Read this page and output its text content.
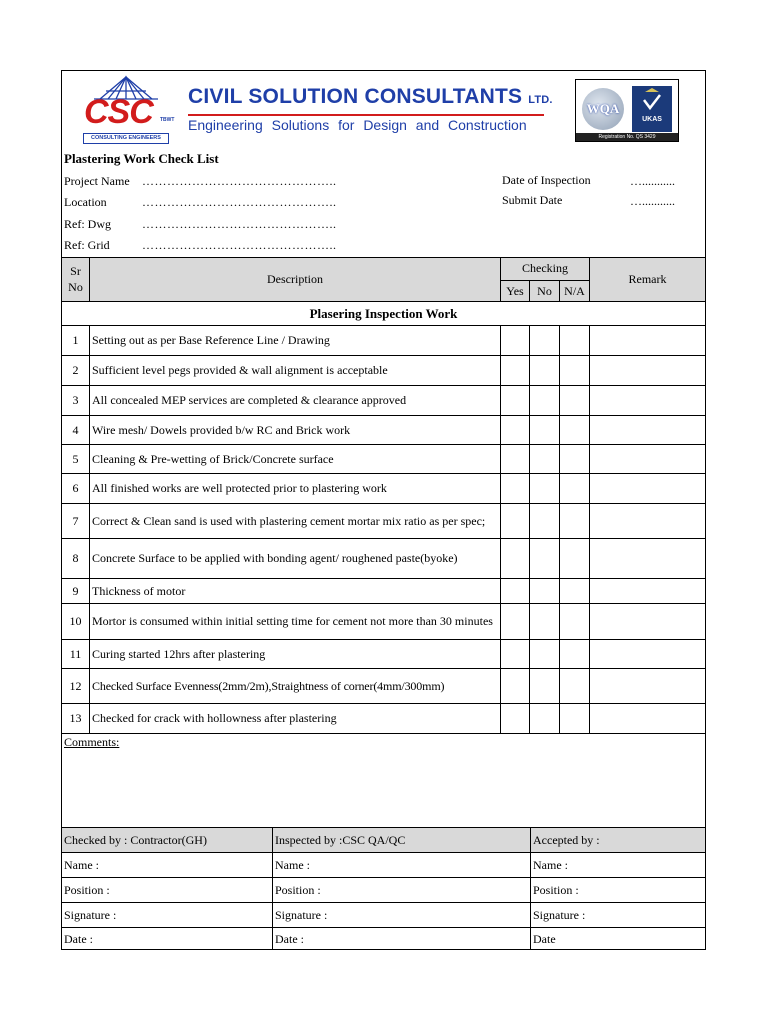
CSC TBWT
CONSULTING ENGINEERS
CIVIL SOLUTION CONSULTANTS LTD.
Engineering Solutions for Design and Construction
WQA
UKAS
Registration No. QS 3429
Plastering Work Check List
Project Name ………………………………………..
Location	………………………………………..
Ref: Dwg	………………………………………..
Ref: Grid	………………………………………..
Date of Inspection	…...........
Submit Date	…...........
Sr No
Description
Checking
Yes	No	N/A
Remark
Plasering Inspection Work
1	Setting out as per Base Reference Line / Drawing
2	Sufficient level pegs provided & wall alignment is acceptable
3	All concealed MEP services are completed & clearance approved
4	Wire mesh/ Dowels provided b/w RC and Brick work
5	Cleaning & Pre-wetting of Brick/Concrete surface
6	All finished works are well protected prior to plastering work
7	Correct & Clean sand is used with plastering cement mortar mix ratio as per spec;
8	Concrete Surface to be applied with bonding agent/ roughened paste(byoke)
9	Thickness of motor
10 Mortor is consumed within initial setting time for cement not more than 30 minutes
11 Curing started 12hrs after plastering
12 Checked Surface Evenness(2mm/2m),Straightness of corner(4mm/300mm)
13 Checked for crack with hollowness after plastering
Comments:
Checked by : Contractor(GH)	Inspected by :CSC QA/QC	Accepted by :
Name :	Name :	Name :
Position :	Position :	Position :
Signature :	Signature :	Signature :
Date :	Date :	Date
